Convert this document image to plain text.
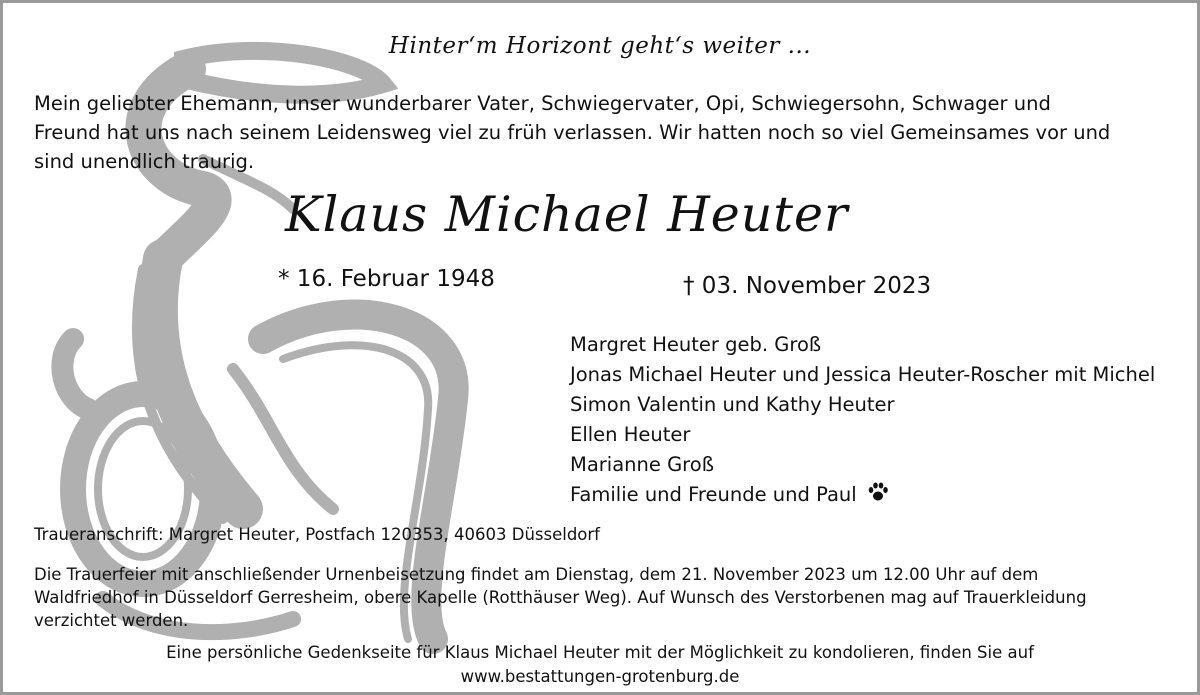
Hinter‘m Horizont geht‘s weiter ...
Mein geliebter Ehemann, unser wunderbarer Vater, Schwiegervater, Opi, Schwiegersohn, Schwager und
Freund hat uns nach seinem Leidensweg viel zu früh verlassen. Wir hatten noch so viel Gemeinsames vor und
sind unendlich traurig.
Klaus Michael Heuter
* 16. Februar 1948	† 03. November 2023
Margret Heuter geb. Groß
Jonas Michael Heuter und Jessica Heuter-Roscher mit Michel
Simon Valentin und Kathy Heuter
Ellen Heuter
Marianne Groß
Familie und Freunde und Paul
Traueranschrift: Margret Heuter, Postfach 120353, 40603 Düsseldorf
Die Trauerfeier mit anschließender Urnenbeisetzung findet am Dienstag, dem 21. November 2023 um 12.00 Uhr auf dem
Waldfriedhof in Düsseldorf Gerresheim, obere Kapelle (Rotthäuser Weg). Auf Wunsch des Verstorbenen mag auf Trauerkleidung
verzichtet werden.
Eine persönliche Gedenkseite für Klaus Michael Heuter mit der Möglichkeit zu kondolieren, finden Sie auf
www.bestattungen-grotenburg.de
